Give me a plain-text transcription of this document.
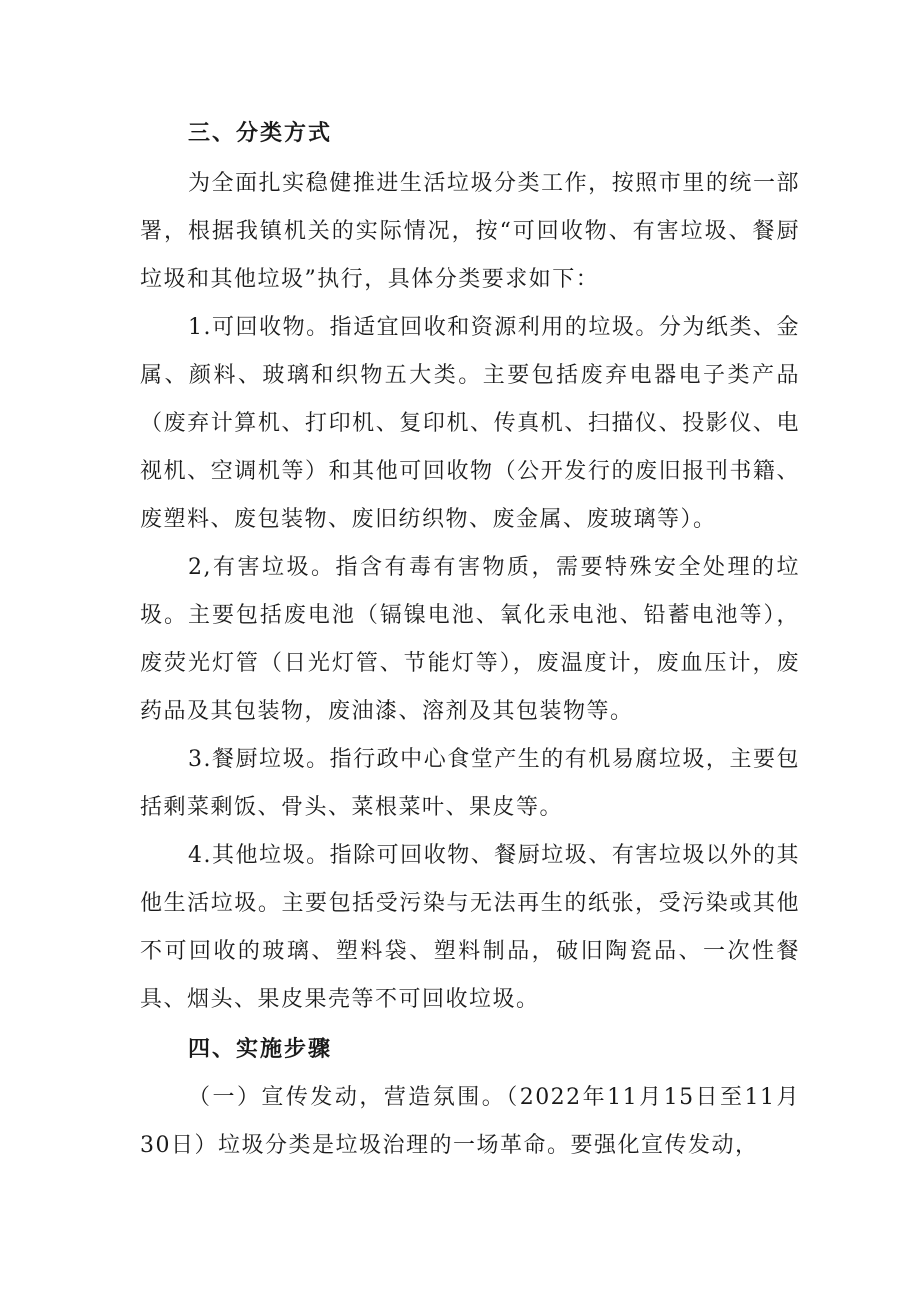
三、分类方式

为全面扎实稳健推进生活垃圾分类工作，按照市里的统一部署，根据我镇机关的实际情况，按“可回收物、有害垃圾、餐厨垃圾和其他垃圾”执行，具体分类要求如下：

1.可回收物。指适宜回收和资源利用的垃圾。分为纸类、金属、颜料、玻璃和织物五大类。主要包括废弃电器电子类产品（废弃计算机、打印机、复印机、传真机、扫描仪、投影仪、电视机、空调机等）和其他可回收物（公开发行的废旧报刊书籍、废塑料、废包装物、废旧纺织物、废金属、废玻璃等）。

2,有害垃圾。指含有毒有害物质，需要特殊安全处理的垃圾。主要包括废电池（镉镍电池、氧化汞电池、铅蓄电池等），废荧光灯管（日光灯管、节能灯等），废温度计，废血压计，废药品及其包装物，废油漆、溶剂及其包装物等。

3.餐厨垃圾。指行政中心食堂产生的有机易腐垃圾，主要包括剩菜剩饭、骨头、菜根菜叶、果皮等。

4.其他垃圾。指除可回收物、餐厨垃圾、有害垃圾以外的其他生活垃圾。主要包括受污染与无法再生的纸张，受污染或其他不可回收的玻璃、塑料袋、塑料制品，破旧陶瓷品、一次性餐具、烟头、果皮果壳等不可回收垃圾。

四、实施步骤

（一）宣传发动，营造氛围。（2022年11月15日至11月30日）垃圾分类是垃圾治理的一场革命。要强化宣传发动，
